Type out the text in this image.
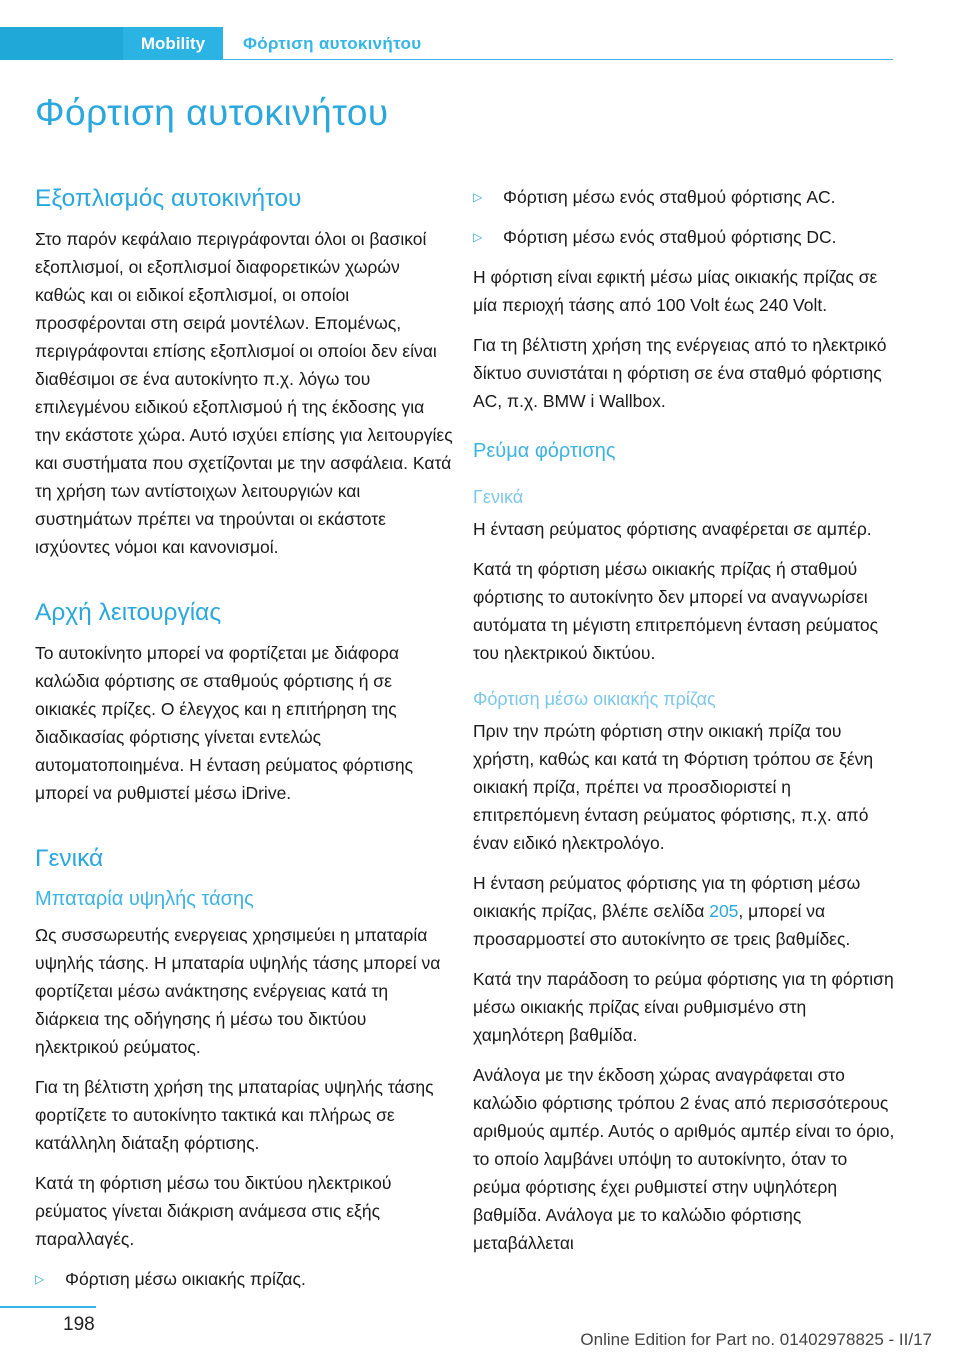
Mobility	Φόρτιση αυτοκινήτου
Φόρτιση αυτοκινήτου
Εξοπλισμός αυτοκινήτου

Στο παρόν κεφάλαιο περιγράφονται όλοι οι βασικοί εξοπλισμοί, οι εξοπλισμοί διαφορετικών χωρών καθώς και οι ειδικοί εξοπλισμοί, οι οποίοι προσφέρονται στη σειρά μοντέλων. Επομένως, περιγράφονται επίσης εξοπλισμοί οι οποίοι δεν είναι διαθέσιμοι σε ένα αυτοκίνητο π.χ. λόγω του επιλεγμένου ειδικού εξοπλισμού ή της έκδοσης για την εκάστοτε χώρα. Αυτό ισχύει επίσης για λειτουργίες και συστήματα που σχετίζονται με την ασφάλεια. Κατά τη χρήση των αντίστοιχων λειτουργιών και συστημάτων πρέπει να τηρούνται οι εκάστοτε ισχύοντες νόμοι και κανονισμοί.

Αρχή λειτουργίας

Το αυτοκίνητο μπορεί να φορτίζεται με διάφορα καλώδια φόρτισης σε σταθμούς φόρτισης ή σε οικιακές πρίζες. Ο έλεγχος και η επιτήρηση της διαδικασίας φόρτισης γίνεται εντελώς αυτοματοποιημένα. Η ένταση ρεύματος φόρτισης μπορεί να ρυθμιστεί μέσω iDrive.

Γενικά
Μπαταρία υψηλής τάσης

Ως συσσωρευτής ενεργειας χρησιμεύει η μπαταρία υψηλής τάσης. Η μπαταρία υψηλής τάσης μπορεί να φορτίζεται μέσω ανάκτησης ενέργειας κατά τη διάρκεια της οδήγησης ή μέσω του δικτύου ηλεκτρικού ρεύματος.

Για τη βέλτιστη χρήση της μπαταρίας υψηλής τάσης φορτίζετε το αυτοκίνητο τακτικά και πλήρως σε κατάλληλη διάταξη φόρτισης.

Κατά τη φόρτιση μέσω του δικτύου ηλεκτρικού ρεύματος γίνεται διάκριση ανάμεσα στις εξής παραλλαγές.

▷ Φόρτιση μέσω οικιακής πρίζας.

▷ Φόρτιση μέσω ενός σταθμού φόρτισης AC.

▷ Φόρτιση μέσω ενός σταθμού φόρτισης DC.

Η φόρτιση είναι εφικτή μέσω μίας οικιακής πρίζας σε μία περιοχή τάσης από 100 Volt έως 240 Volt.

Για τη βέλτιστη χρήση της ενέργειας από το ηλεκτρικό δίκτυο συνιστάται η φόρτιση σε ένα σταθμό φόρτισης AC, π.χ. BMW i Wallbox.

Ρεύμα φόρτισης
Γενικά

Η ένταση ρεύματος φόρτισης αναφέρεται σε αμπέρ.

Κατά τη φόρτιση μέσω οικιακής πρίζας ή σταθμού φόρτισης το αυτοκίνητο δεν μπορεί να αναγνωρίσει αυτόματα τη μέγιστη επιτρεπόμενη ένταση ρεύματος του ηλεκτρικού δικτύου.

Φόρτιση μέσω οικιακής πρίζας

Πριν την πρώτη φόρτιση στην οικιακή πρίζα του χρήστη, καθώς και κατά τη Φόρτιση τρόπου σε ξένη οικιακή πρίζα, πρέπει να προσδιοριστεί η επιτρεπόμενη ένταση ρεύματος φόρτισης, π.χ. από έναν ειδικό ηλεκτρολόγο.

Η ένταση ρεύματος φόρτισης για τη φόρτιση μέσω οικιακής πρίζας, βλέπε σελίδα 205, μπορεί να προσαρμοστεί στο αυτοκίνητο σε τρεις βαθμίδες.

Κατά την παράδοση το ρεύμα φόρτισης για τη φόρτιση μέσω οικιακής πρίζας είναι ρυθμισμένο στη χαμηλότερη βαθμίδα.

Ανάλογα με την έκδοση χώρας αναγράφεται στο καλώδιο φόρτισης τρόπου 2 ένας από περισσότερους αριθμούς αμπέρ. Αυτός ο αριθμός αμπέρ είναι το όριο, το οποίο λαμβάνει υπόψη το αυτοκίνητο, όταν το ρεύμα φόρτισης έχει ρυθμιστεί στην υψηλότερη βαθμίδα. Ανάλογα με το καλώδιο φόρτισης μεταβάλλεται

198
Online Edition for Part no. 01402978825 - II/17
